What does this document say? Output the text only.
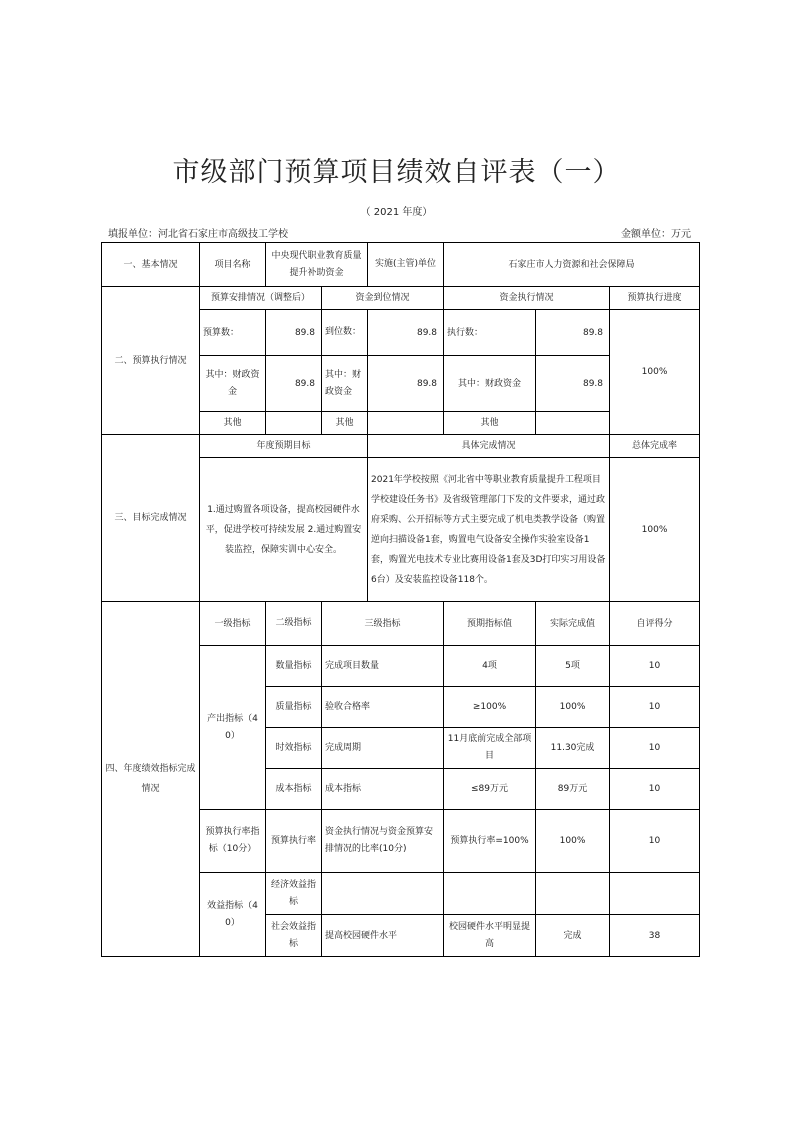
市级部门预算项目绩效自评表（一）
（ 2021 年度）
填报单位：河北省石家庄市高级技工学校	金额单位：万元
一、基本情况	项目名称	中央现代职业教育质量提升补助资金		实施(主管)单位	石家庄市人力资源和社会保障局		
二、预算执行情况	预算安排情况（调整后）		资金到位情况		资金执行情况		预算执行进度
	预算数：	89.8	到位数：	89.8	执行数：	89.8	100%
	其中：财政资金	89.8	其中：财政资金	89.8	其中：财政资金	89.8	
	其他		其他		其他		
三、目标完成情况	年度预期目标			具体完成情况			总体完成率
	1.通过购置各项设备，提高校园硬件水平，促进学校可持续发展 2.通过购置安装监控，保障实训中心安全。			2021年学校按照《河北省中等职业教育质量提升工程项目学校建设任务书》及省级管理部门下发的文件要求，通过政府采购、公开招标等方式主要完成了机电类教学设备（购置逆向扫描设备1套，购置电气设备安全操作实验室设备1套，购置光电技术专业比赛用设备1套及3D打印实习用设备6台）及安装监控设备118个。			100%
四、年度绩效指标完成情况	一级指标	二级指标	三级指标		预期指标值	实际完成值	自评得分
	产出指标（40）	数量指标	完成项目数量		4项	5项	10
		质量指标	验收合格率		≥100%	100%	10
		时效指标	完成周期		11月底前完成全部项目	11.30完成	10
		成本指标	成本指标		≤89万元	89万元	10
	预算执行率指标（10分）	预算执行率	资金执行情况与资金预算安排情况的比率(10分)		预算执行率=100%	100%	10
	效益指标（40）	经济效益指标					
		社会效益指标	提高校园硬件水平		校园硬件水平明显提高	完成	38
